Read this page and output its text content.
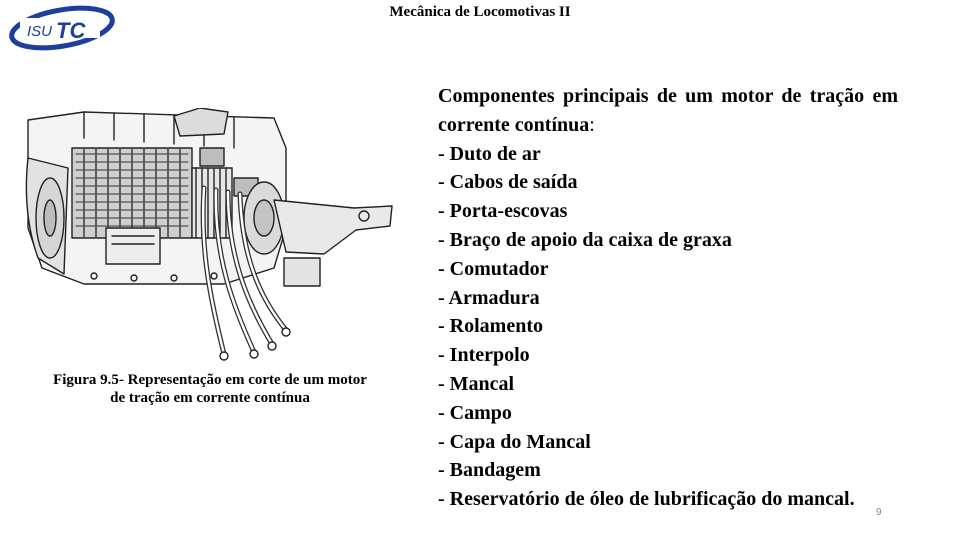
ISU TC
Mecânica de Locomotivas II
Figura 9.5- Representação em corte de um motor
de tração em corrente contínua
Componentes principais de um motor de tração em corrente contínua:
- Duto de ar
- Cabos de saída
- Porta-escovas
- Braço de apoio da caixa de graxa
- Comutador
- Armadura
- Rolamento
- Interpolo
- Mancal
- Campo
- Capa do Mancal
- Bandagem
- Reservatório de óleo de lubrificação do mancal.
9
